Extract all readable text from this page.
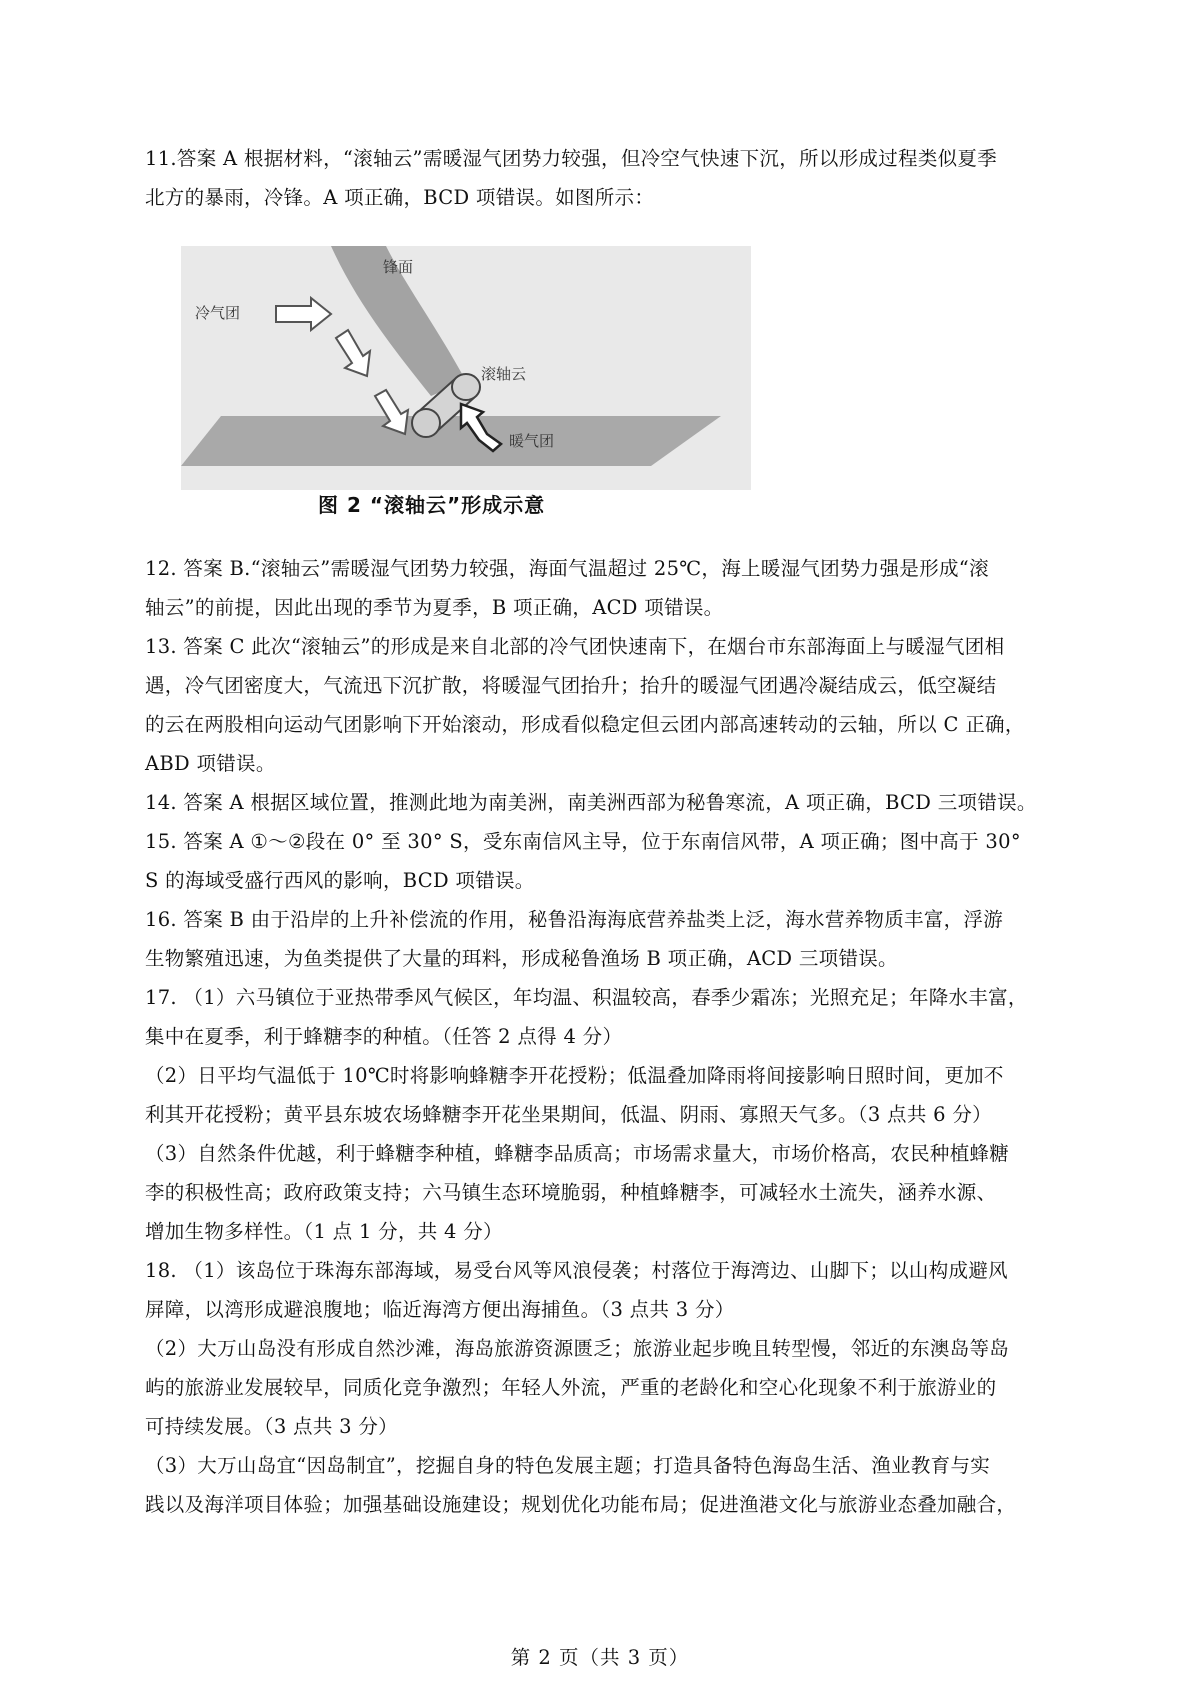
11.答案 A 根据材料，“滚轴云”需暖湿气团势力较强，但冷空气快速下沉，所以形成过程类似夏季
北方的暴雨，冷锋。A 项正确，BCD 项错误。如图所示：
锋面
冷气团
滚轴云
暖气团
图 2 “滚轴云”形成示意
12. 答案 B.“滚轴云”需暖湿气团势力较强，海面气温超过 25℃，海上暖湿气团势力强是形成“滚
轴云”的前提，因此出现的季节为夏季，B 项正确，ACD 项错误。
13. 答案 C 此次“滚轴云”的形成是来自北部的冷气团快速南下，在烟台市东部海面上与暖湿气团相
遇，冷气团密度大，气流迅下沉扩散，将暖湿气团抬升；抬升的暖湿气团遇冷凝结成云，低空凝结
的云在两股相向运动气团影响下开始滚动，形成看似稳定但云团内部高速转动的云轴，所以 C 正确，
ABD 项错误。
14. 答案 A 根据区域位置，推测此地为南美洲，南美洲西部为秘鲁寒流，A 项正确，BCD 三项错误。
15. 答案 A ①～②段在 0° 至 30° S，受东南信风主导，位于东南信风带，A 项正确；图中高于 30°
S 的海域受盛行西风的影响，BCD 项错误。
16. 答案 B 由于沿岸的上升补偿流的作用，秘鲁沿海海底营养盐类上泛，海水营养物质丰富，浮游
生物繁殖迅速，为鱼类提供了大量的珥料，形成秘鲁渔场 B 项正确，ACD 三项错误。
17. （1）六马镇位于亚热带季风气候区，年均温、积温较高，春季少霜冻；光照充足；年降水丰富，
集中在夏季，利于蜂糖李的种植。（任答 2 点得 4 分）
（2）日平均气温低于 10℃时将影响蜂糖李开花授粉；低温叠加降雨将间接影响日照时间，更加不
利其开花授粉；黄平县东坡农场蜂糖李开花坐果期间，低温、阴雨、寡照天气多。（3 点共 6 分）
（3）自然条件优越，利于蜂糖李种植，蜂糖李品质高；市场需求量大，市场价格高，农民种植蜂糖
李的积极性高；政府政策支持；六马镇生态环境脆弱，种植蜂糖李，可减轻水土流失，涵养水源、
增加生物多样性。（1 点 1 分，共 4 分）
18. （1）该岛位于珠海东部海域，易受台风等风浪侵袭；村落位于海湾边、山脚下；以山构成避风
屏障，以湾形成避浪腹地；临近海湾方便出海捕鱼。（3 点共 3 分）
（2）大万山岛没有形成自然沙滩，海岛旅游资源匮乏；旅游业起步晚且转型慢，邻近的东澳岛等岛
屿的旅游业发展较早，同质化竞争激烈；年轻人外流，严重的老龄化和空心化现象不利于旅游业的
可持续发展。（3 点共 3 分）
（3）大万山岛宜“因岛制宜”，挖掘自身的特色发展主题；打造具备特色海岛生活、渔业教育与实
践以及海洋项目体验；加强基础设施建设；规划优化功能布局；促进渔港文化与旅游业态叠加融合，
第 2 页（共 3 页）
